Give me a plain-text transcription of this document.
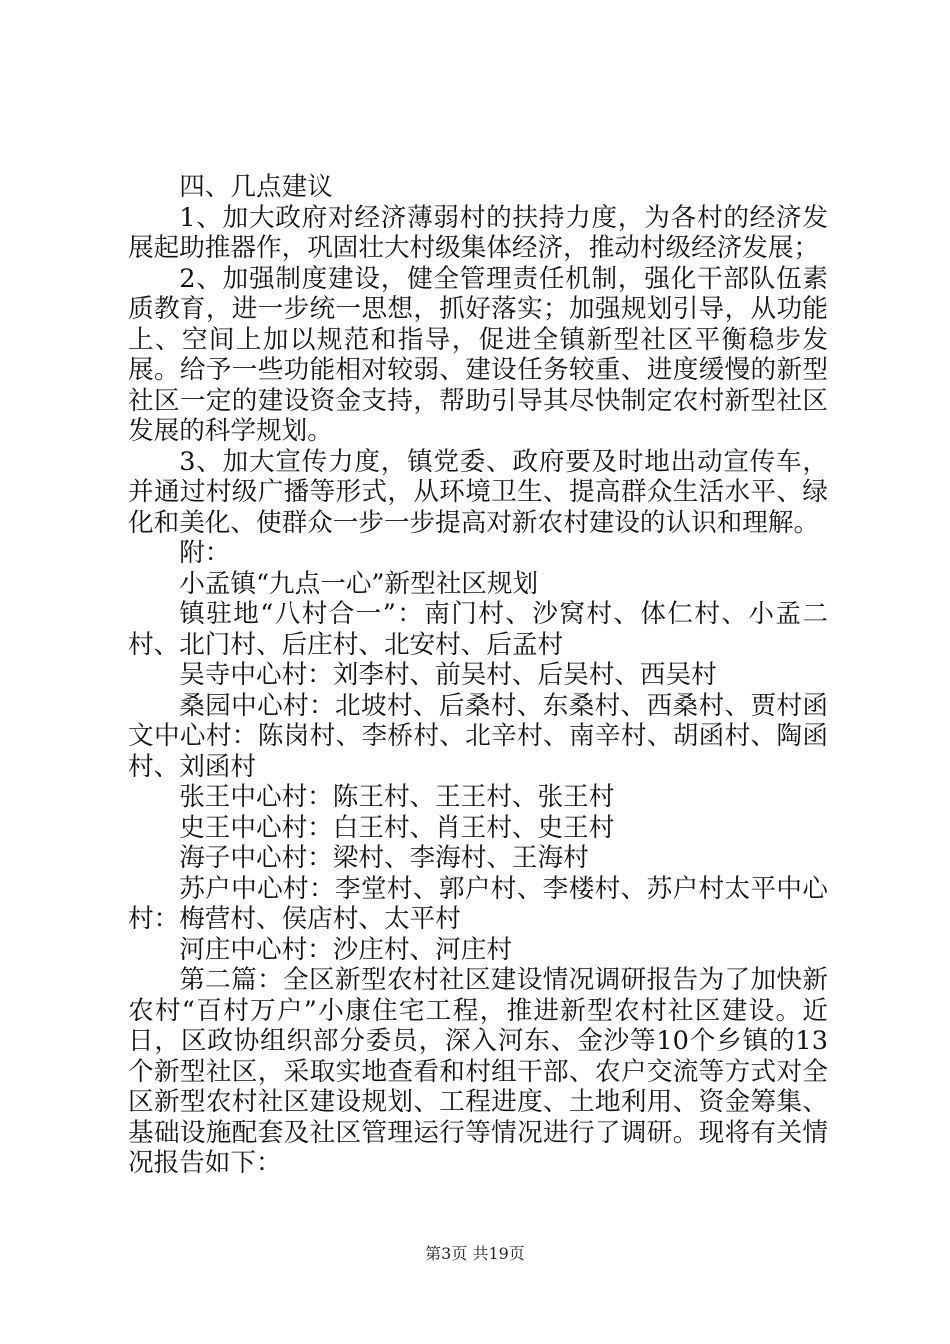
四、几点建议

1、加大政府对经济薄弱村的扶持力度，为各村的经济发展起助推器作，巩固壮大村级集体经济，推动村级经济发展；

2、加强制度建设，健全管理责任机制，强化干部队伍素质教育，进一步统一思想，抓好落实；加强规划引导，从功能上、空间上加以规范和指导，促进全镇新型社区平衡稳步发展。给予一些功能相对较弱、建设任务较重、进度缓慢的新型社区一定的建设资金支持，帮助引导其尽快制定农村新型社区发展的科学规划。

3、加大宣传力度，镇党委、政府要及时地出动宣传车，并通过村级广播等形式，从环境卫生、提高群众生活水平、绿化和美化、使群众一步一步提高对新农村建设的认识和理解。

附：

小孟镇“九点一心”新型社区规划

镇驻地“八村合一”：南门村、沙窝村、体仁村、小孟二村、北门村、后庄村、北安村、后孟村

吴寺中心村：刘李村、前吴村、后吴村、西吴村

桑园中心村：北坡村、后桑村、东桑村、西桑村、贾村函文中心村：陈岗村、李桥村、北辛村、南辛村、胡函村、陶函村、刘函村

张王中心村：陈王村、王王村、张王村

史王中心村：白王村、肖王村、史王村

海子中心村：梁村、李海村、王海村

苏户中心村：李堂村、郭户村、李楼村、苏户村太平中心村：梅营村、侯店村、太平村

河庄中心村：沙庄村、河庄村

第二篇：全区新型农村社区建设情况调研报告为了加快新农村“百村万户”小康住宅工程，推进新型农村社区建设。近日，区政协组织部分委员，深入河东、金沙等10个乡镇的13个新型社区，采取实地查看和村组干部、农户交流等方式对全区新型农村社区建设规划、工程进度、土地利用、资金筹集、基础设施配套及社区管理运行等情况进行了调研。现将有关情况报告如下：

第3页 共19页
